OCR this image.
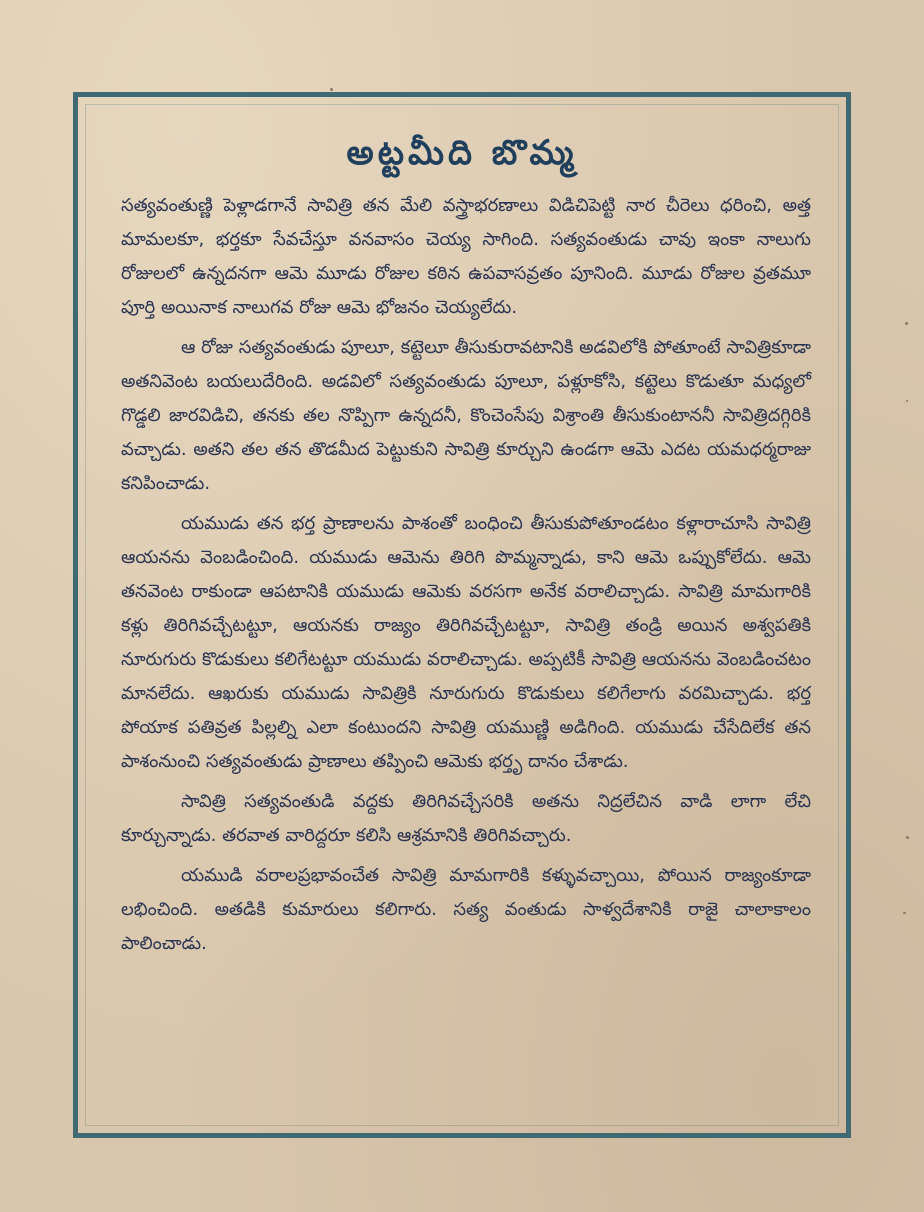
అట్టమీది బొమ్మ

సత్యవంతుణ్ణి పెళ్లాడగానే సావిత్రి తన మేలి వస్త్రాభరణాలు విడిచిపెట్టి నార చీరెలు ధరించి, అత్త మామలకూ, భర్తకూ సేవచేస్తూ వనవాసం చెయ్య సాగింది. సత్యవంతుడు చావు ఇంకా నాలుగు రోజులలో ఉన్నదనగా ఆమె మూడు రోజుల కఠిన ఉపవాసవ్రతం పూనింది. మూడు రోజుల వ్రతమూ పూర్తి అయినాక నాలుగవ రోజు ఆమె భోజనం చెయ్యలేదు.

ఆ రోజు సత్యవంతుడు పూలూ, కట్టెలూ తీసుకురావటానికి అడవిలోకి పోతూంటే సావిత్రికూడా అతనివెంట బయలుదేరింది. అడవిలో సత్యవంతుడు పూలూ, పళ్లూకోసి, కట్టెలు కొడుతూ మధ్యలో గొడ్డలి జారవిడిచి, తనకు తల నొప్పిగా ఉన్నదనీ, కొంచెంసేపు విశ్రాంతి తీసుకుంటాననీ సావిత్రిదగ్గిరికి వచ్చాడు. అతని తల తన తొడమీద పెట్టుకుని సావిత్రి కూర్చుని ఉండగా ఆమె ఎదట యమధర్మరాజు కనిపించాడు.

యముడు తన భర్త ప్రాణాలను పాశంతో బంధించి తీసుకుపోతూండటం కళ్లారాచూసి సావిత్రి ఆయనను వెంబడించింది. యముడు ఆమెను తిరిగి పొమ్మన్నాడు, కాని ఆమె ఒప్పుకోలేదు. ఆమె తనవెంట రాకుండా ఆపటానికి యముడు ఆమెకు వరసగా అనేక వరాలిచ్చాడు. సావిత్రి మామగారికి కళ్లు తిరిగివచ్చేటట్టూ, ఆయనకు రాజ్యం తిరిగివచ్చేటట్టూ, సావిత్రి తండ్రి అయిన అశ్వపతికి నూరుగురు కొడుకులు కలిగేటట్టూ యముడు వరాలిచ్చాడు. అప్పటికీ సావిత్రి ఆయనను వెంబడించటం మానలేదు. ఆఖరుకు యముడు సావిత్రికి నూరుగురు కొడుకులు కలిగేలాగు వరమిచ్చాడు. భర్త పోయాక పతివ్రత పిల్లల్ని ఎలా కంటుందని సావిత్రి యముణ్ణి అడిగింది. యముడు చేసేదిలేక తన పాశంనుంచి సత్యవంతుడు ప్రాణాలు తప్పించి ఆమెకు భర్తృ దానం చేశాడు.

సావిత్రి సత్యవంతుడి వద్దకు తిరిగివచ్చేసరికి అతను నిద్రలేచిన వాడి లాగా లేచి కూర్చున్నాడు. తరవాత వారిద్దరూ కలిసి ఆశ్రమానికి తిరిగివచ్చారు.

యముడి వరాలప్రభావంచేత సావిత్రి మామగారికి కళ్ళువచ్చాయి, పోయిన రాజ్యంకూడా లభించింది. అతడికి కుమారులు కలిగారు. సత్య వంతుడు సాళ్వదేశానికి రాజై చాలాకాలం పాలించాడు.
